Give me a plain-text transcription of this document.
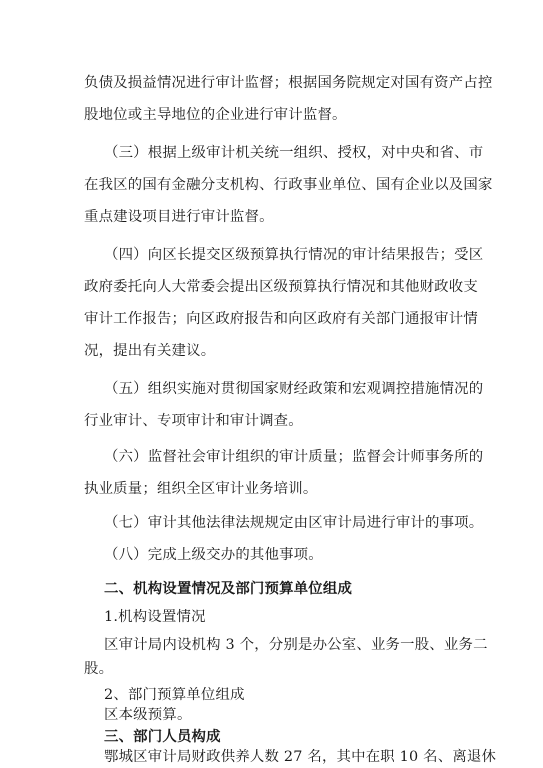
负债及损益情况进行审计监督；根据国务院规定对国有资产占控
股地位或主导地位的企业进行审计监督。
（三）根据上级审计机关统一组织、授权，对中央和省、市
在我区的国有金融分支机构、行政事业单位、国有企业以及国家
重点建设项目进行审计监督。
（四）向区长提交区级预算执行情况的审计结果报告；受区
政府委托向人大常委会提出区级预算执行情况和其他财政收支
审计工作报告；向区政府报告和向区政府有关部门通报审计情
况，提出有关建议。
（五）组织实施对贯彻国家财经政策和宏观调控措施情况的
行业审计、专项审计和审计调查。
（六）监督社会审计组织的审计质量；监督会计师事务所的
执业质量；组织全区审计业务培训。
（七）审计其他法律法规规定由区审计局进行审计的事项。
（八）完成上级交办的其他事项。
二、机构设置情况及部门预算单位组成
1.机构设置情况
区审计局内设机构 3 个，分别是办公室、业务一股、业务二
股。
2、部门预算单位组成
区本级预算。
三、部门人员构成
鄂城区审计局财政供养人数 27 名，其中在职 10 名、离退休
